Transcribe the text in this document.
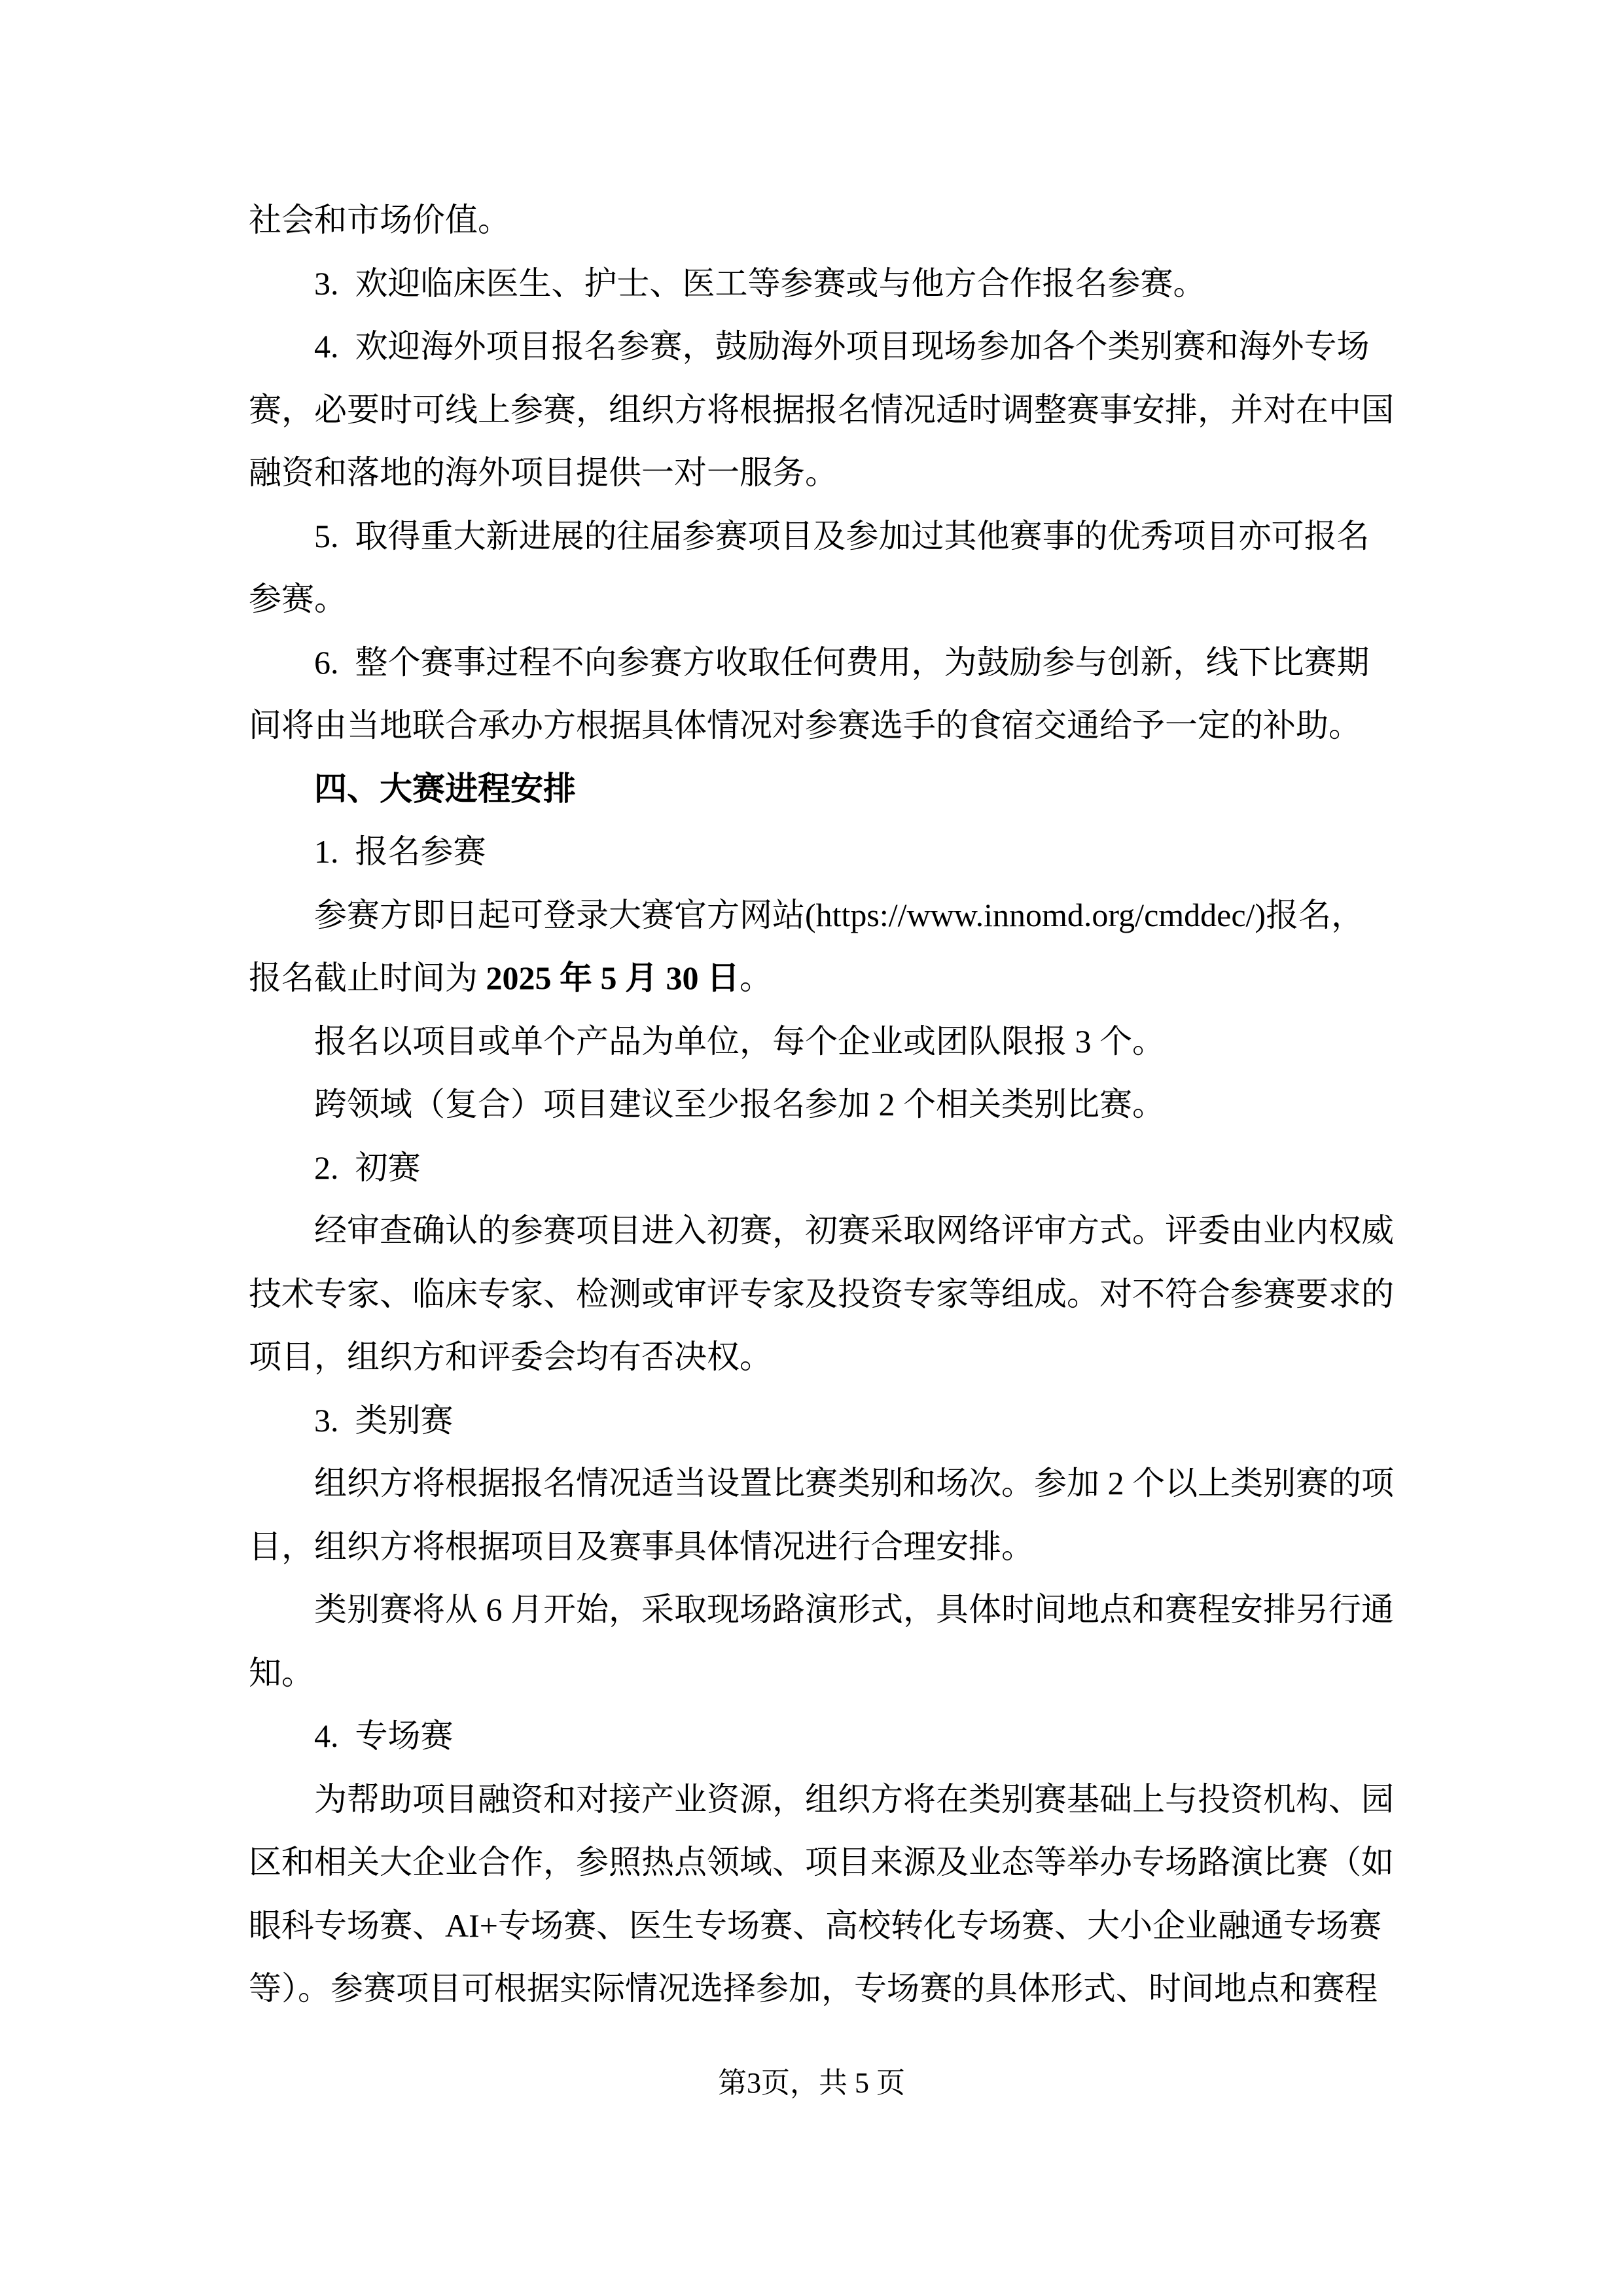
社会和市场价值。
3.  欢迎临床医生、护士、医工等参赛或与他方合作报名参赛。
4.  欢迎海外项目报名参赛，鼓励海外项目现场参加各个类别赛和海外专场
赛，必要时可线上参赛，组织方将根据报名情况适时调整赛事安排，并对在中国
融资和落地的海外项目提供一对一服务。
5.  取得重大新进展的往届参赛项目及参加过其他赛事的优秀项目亦可报名
参赛。
6.  整个赛事过程不向参赛方收取任何费用，为鼓励参与创新，线下比赛期
间将由当地联合承办方根据具体情况对参赛选手的食宿交通给予一定的补助。
四、大赛进程安排
1.  报名参赛
参赛方即日起可登录大赛官方网站(https://www.innomd.org/cmddec/)报名，
报名截止时间为 2025 年 5 月 30 日。
报名以项目或单个产品为单位，每个企业或团队限报 3 个。
跨领域（复合）项目建议至少报名参加 2 个相关类别比赛。
2.  初赛
经审查确认的参赛项目进入初赛，初赛采取网络评审方式。评委由业内权威
技术专家、临床专家、检测或审评专家及投资专家等组成。对不符合参赛要求的
项目，组织方和评委会均有否决权。
3.  类别赛
组织方将根据报名情况适当设置比赛类别和场次。参加 2 个以上类别赛的项
目，组织方将根据项目及赛事具体情况进行合理安排。
类别赛将从 6 月开始，采取现场路演形式，具体时间地点和赛程安排另行通
知。
4.  专场赛
为帮助项目融资和对接产业资源，组织方将在类别赛基础上与投资机构、园
区和相关大企业合作，参照热点领域、项目来源及业态等举办专场路演比赛（如
眼科专场赛、AI+专场赛、医生专场赛、高校转化专场赛、大小企业融通专场赛
等）。参赛项目可根据实际情况选择参加，专场赛的具体形式、时间地点和赛程
第3页，共 5 页
